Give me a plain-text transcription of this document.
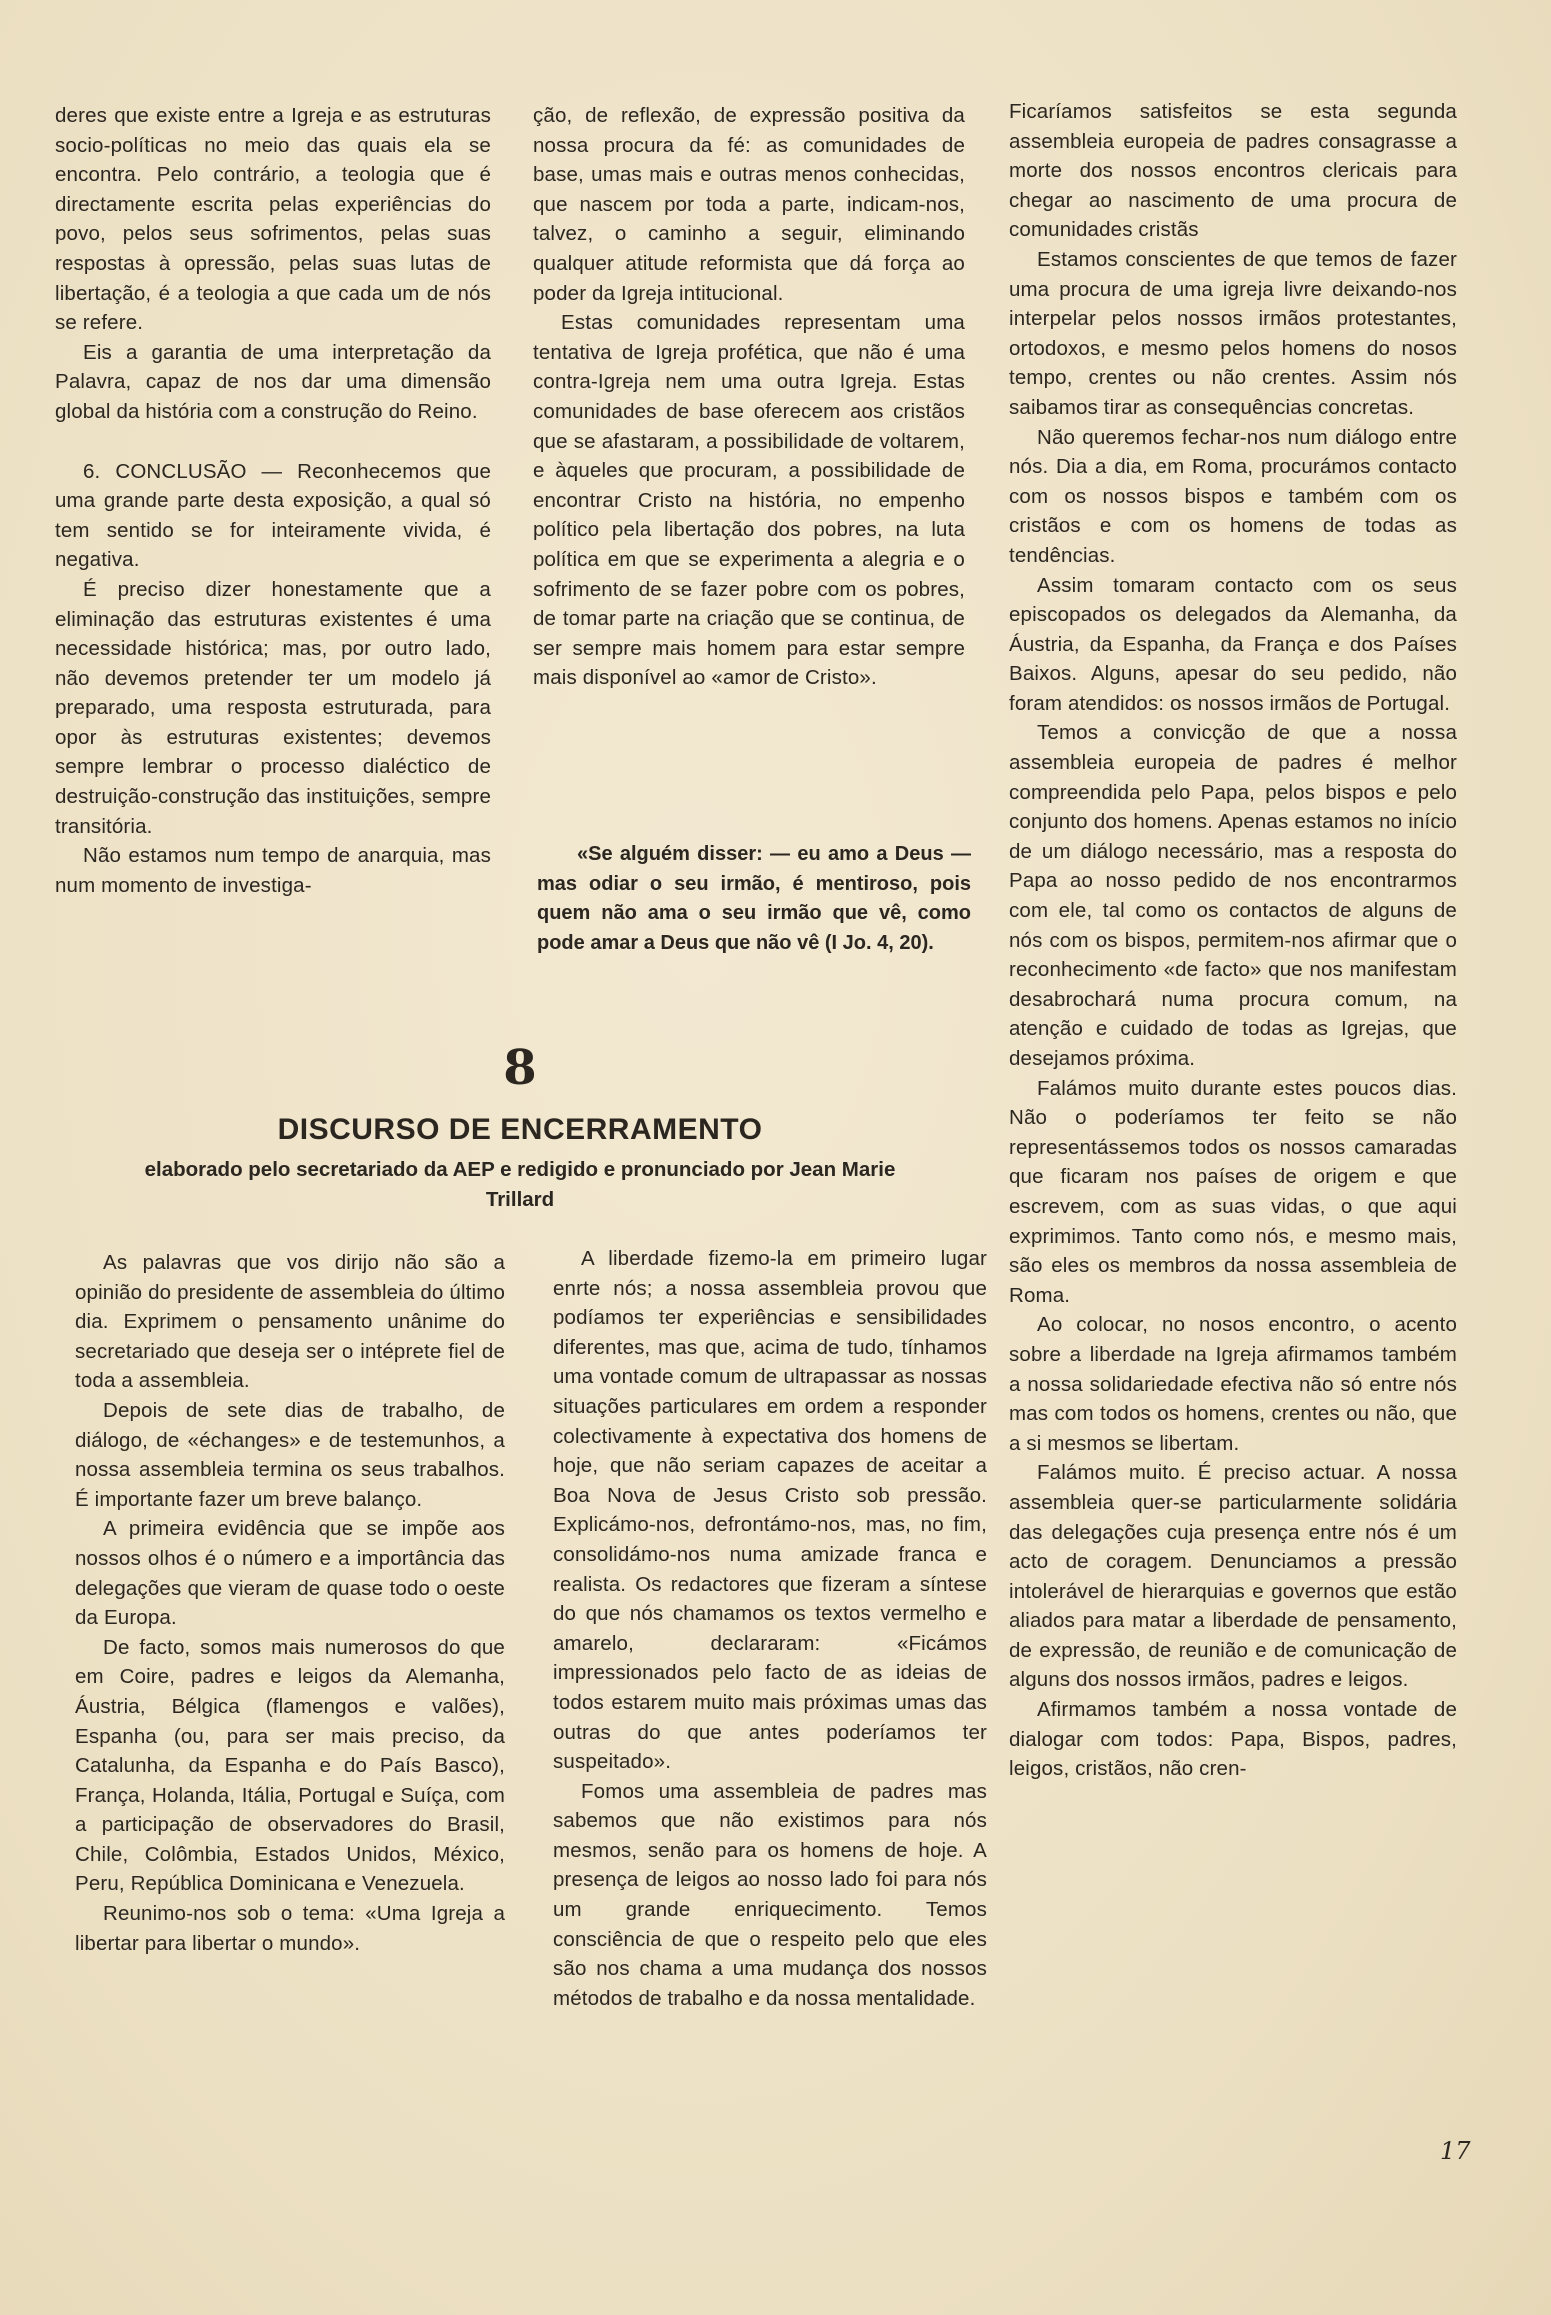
deres que existe entre a Igreja e as estruturas socio-políticas no meio das quais ela se encontra. Pelo contrário, a teologia que é directamente escrita pelas experiências do povo, pelos seus sofrimentos, pelas suas respostas à opressão, pelas suas lutas de libertação, é a teologia a que cada um de nós se refere.

Eis a garantia de uma interpretação da Palavra, capaz de nos dar uma dimensão global da história com a construção do Reino.

6. CONCLUSÃO — Reconhecemos que uma grande parte desta exposição, a qual só tem sentido se for inteiramente vivida, é negativa.

É preciso dizer honestamente que a eliminação das estruturas existentes é uma necessidade histórica; mas, por outro lado, não devemos pretender ter um modelo já preparado, uma resposta estruturada, para opor às estruturas existentes; devemos sempre lembrar o processo dialéctico de destruição-construção das instituições, sempre transitória.

Não estamos num tempo de anarquia, mas num momento de investiga-

ção, de reflexão, de expressão positiva da nossa procura da fé: as comunidades de base, umas mais e outras menos conhecidas, que nascem por toda a parte, indicam-nos, talvez, o caminho a seguir, eliminando qualquer atitude reformista que dá força ao poder da Igreja intitucional.

Estas comunidades representam uma tentativa de Igreja profética, que não é uma contra-Igreja nem uma outra Igreja. Estas comunidades de base oferecem aos cristãos que se afastaram, a possibilidade de voltarem, e àqueles que procuram, a possibilidade de encontrar Cristo na história, no empenho político pela libertação dos pobres, na luta política em que se experimenta a alegria e o sofrimento de se fazer pobre com os pobres, de tomar parte na criação que se continua, de ser sempre mais homem para estar sempre mais disponível ao «amor de Cristo».

«Se alguém disser: — eu amo a Deus — mas odiar o seu irmão, é mentiroso, pois quem não ama o seu irmão que vê, como pode amar a Deus que não vê (I Jo. 4, 20).

Ficaríamos satisfeitos se esta segunda assembleia europeia de padres consagrasse a morte dos nossos encontros clericais para chegar ao nascimento de uma procura de comunidades cristãs

Estamos conscientes de que temos de fazer uma procura de uma igreja livre deixando-nos interpelar pelos nossos irmãos protestantes, ortodoxos, e mesmo pelos homens do nosos tempo, crentes ou não crentes. Assim nós saibamos tirar as consequências concretas.

Não queremos fechar-nos num diálogo entre nós. Dia a dia, em Roma, procurámos contacto com os nossos bispos e também com os cristãos e com os homens de todas as tendências.

Assim tomaram contacto com os seus episcopados os delegados da Alemanha, da Áustria, da Espanha, da França e dos Países Baixos. Alguns, apesar do seu pedido, não foram atendidos: os nossos irmãos de Portugal.

Temos a convicção de que a nossa assembleia europeia de padres é melhor compreendida pelo Papa, pelos bispos e pelo conjunto dos homens. Apenas estamos no início de um diálogo necessário, mas a resposta do Papa ao nosso pedido de nos encontrarmos com ele, tal como os contactos de alguns de nós com os bispos, permitem-nos afirmar que o reconhecimento «de facto» que nos manifestam desabrochará numa procura comum, na atenção e cuidado de todas as Igrejas, que desejamos próxima.

Falámos muito durante estes poucos dias. Não o poderíamos ter feito se não representássemos todos os nossos camaradas que ficaram nos países de origem e que escrevem, com as suas vidas, o que aqui exprimimos. Tanto como nós, e mesmo mais, são eles os membros da nossa assembleia de Roma.

Ao colocar, no nosos encontro, o acento sobre a liberdade na Igreja afirmamos também a nossa solidariedade efectiva não só entre nós mas com todos os homens, crentes ou não, que a si mesmos se libertam.

Falámos muito. É preciso actuar. A nossa assembleia quer-se particularmente solidária das delegações cuja presença entre nós é um acto de coragem. Denunciamos a pressão intolerável de hierarquias e governos que estão aliados para matar a liberdade de pensamento, de expressão, de reunião e de comunicação de alguns dos nossos irmãos, padres e leigos.

Afirmamos também a nossa vontade de dialogar com todos: Papa, Bispos, padres, leigos, cristãos, não cren-

8
DISCURSO DE ENCERRAMENTO
elaborado pelo secretariado da AEP e redigido e pronunciado por Jean Marie Trillard

As palavras que vos dirijo não são a opinião do presidente de assembleia do último dia. Exprimem o pensamento unânime do secretariado que deseja ser o intéprete fiel de toda a assembleia.

Depois de sete dias de trabalho, de diálogo, de «échanges» e de testemunhos, a nossa assembleia termina os seus trabalhos. É importante fazer um breve balanço.

A primeira evidência que se impõe aos nossos olhos é o número e a importância das delegações que vieram de quase todo o oeste da Europa.

De facto, somos mais numerosos do que em Coire, padres e leigos da Alemanha, Áustria, Bélgica (flamengos e valões), Espanha (ou, para ser mais preciso, da Catalunha, da Espanha e do País Basco), França, Holanda, Itália, Portugal e Suíça, com a participação de observadores do Brasil, Chile, Colômbia, Estados Unidos, México, Peru, República Dominicana e Venezuela.

Reunimo-nos sob o tema: «Uma Igreja a libertar para libertar o mundo».

A liberdade fizemo-la em primeiro lugar enrte nós; a nossa assembleia provou que podíamos ter experiências e sensibilidades diferentes, mas que, acima de tudo, tínhamos uma vontade comum de ultrapassar as nossas situações particulares em ordem a responder colectivamente à expectativa dos homens de hoje, que não seriam capazes de aceitar a Boa Nova de Jesus Cristo sob pressão. Explicámo-nos, defrontámo-nos, mas, no fim, consolidámo-nos numa amizade franca e realista. Os redactores que fizeram a síntese do que nós chamamos os textos vermelho e amarelo, declararam: «Ficámos impressionados pelo facto de as ideias de todos estarem muito mais próximas umas das outras do que antes poderíamos ter suspeitado».

Fomos uma assembleia de padres mas sabemos que não existimos para nós mesmos, senão para os homens de hoje. A presença de leigos ao nosso lado foi para nós um grande enriquecimento. Temos consciência de que o respeito pelo que eles são nos chama a uma mudança dos nossos métodos de trabalho e da nossa mentalidade.

17
